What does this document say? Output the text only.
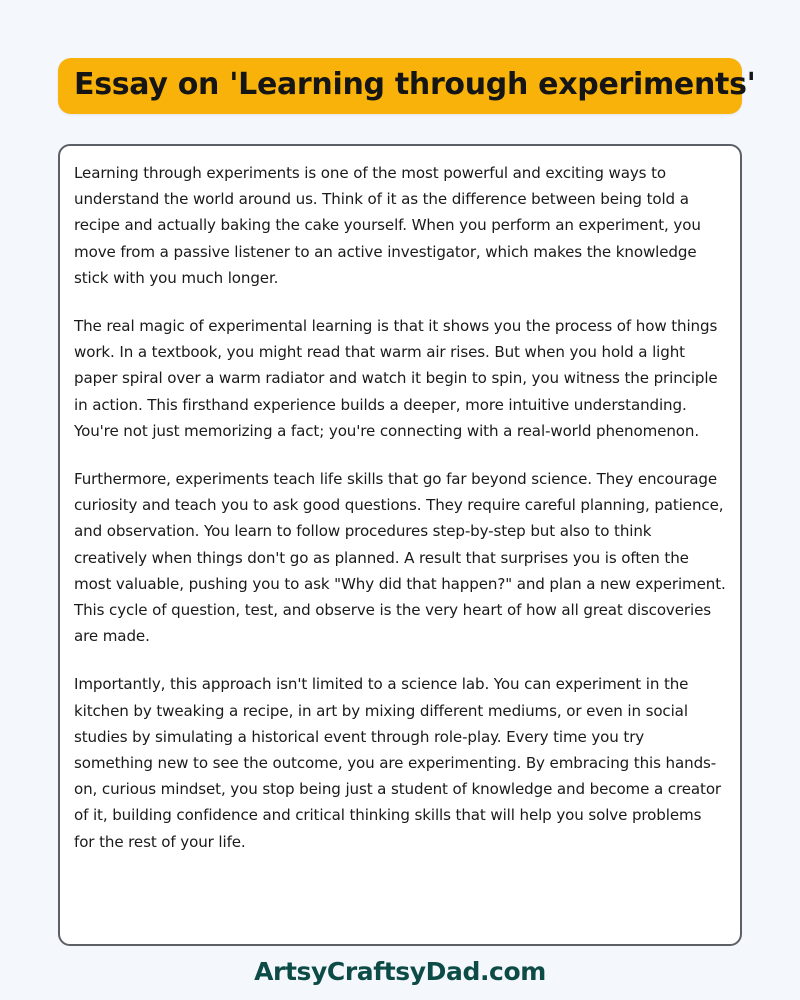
Essay on 'Learning through experiments'

Learning through experiments is one of the most powerful and exciting ways to understand the world around us. Think of it as the difference between being told a recipe and actually baking the cake yourself. When you perform an experiment, you move from a passive listener to an active investigator, which makes the knowledge stick with you much longer.

The real magic of experimental learning is that it shows you the process of how things work. In a textbook, you might read that warm air rises. But when you hold a light paper spiral over a warm radiator and watch it begin to spin, you witness the principle in action. This firsthand experience builds a deeper, more intuitive understanding. You're not just memorizing a fact; you're connecting with a real-world phenomenon.

Furthermore, experiments teach life skills that go far beyond science. They encourage curiosity and teach you to ask good questions. They require careful planning, patience, and observation. You learn to follow procedures step-by-step but also to think creatively when things don't go as planned. A result that surprises you is often the most valuable, pushing you to ask "Why did that happen?" and plan a new experiment. This cycle of question, test, and observe is the very heart of how all great discoveries are made.

Importantly, this approach isn't limited to a science lab. You can experiment in the kitchen by tweaking a recipe, in art by mixing different mediums, or even in social studies by simulating a historical event through role-play. Every time you try something new to see the outcome, you are experimenting. By embracing this hands-on, curious mindset, you stop being just a student of knowledge and become a creator of it, building confidence and critical thinking skills that will help you solve problems for the rest of your life.

ArtsyCraftsyDad.com
